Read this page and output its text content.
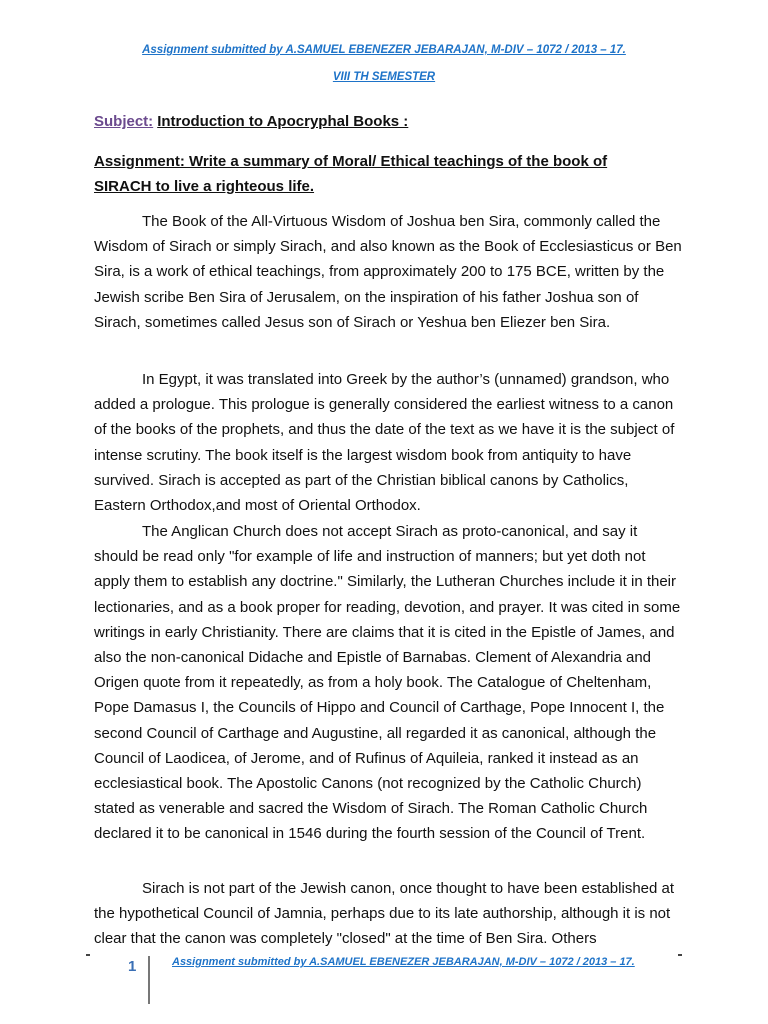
Assignment submitted by A.SAMUEL EBENEZER JEBARAJAN, M-DIV – 1072 / 2013 – 17.
VIII TH SEMESTER
Subject: Introduction to Apocryphal Books :
Assignment: Write a summary of Moral/ Ethical teachings of the book of SIRACH to live a righteous life.

The Book of the All-Virtuous Wisdom of Joshua ben Sira, commonly called the Wisdom of Sirach or simply Sirach, and also known as the Book of Ecclesiasticus or Ben Sira, is a work of ethical teachings, from approximately 200 to 175 BCE, written by the Jewish scribe Ben Sira of Jerusalem, on the inspiration of his father Joshua son of Sirach, sometimes called Jesus son of Sirach or Yeshua ben Eliezer ben Sira.

In Egypt, it was translated into Greek by the author’s (unnamed) grandson, who added a prologue. This prologue is generally considered the earliest witness to a canon of the books of the prophets, and thus the date of the text as we have it is the subject of intense scrutiny. The book itself is the largest wisdom book from antiquity to have survived. Sirach is accepted as part of the Christian biblical canons by Catholics, Eastern Orthodox,and most of Oriental Orthodox.

The Anglican Church does not accept Sirach as proto-canonical, and say it should be read only "for example of life and instruction of manners; but yet doth not apply them to establish any doctrine." Similarly, the Lutheran Churches include it in their lectionaries, and as a book proper for reading, devotion, and prayer. It was cited in some writings in early Christianity. There are claims that it is cited in the Epistle of James, and also the non-canonical Didache and Epistle of Barnabas. Clement of Alexandria and Origen quote from it repeatedly, as from a holy book. The Catalogue of Cheltenham, Pope Damasus I, the Councils of Hippo and Council of Carthage, Pope Innocent I, the second Council of Carthage and Augustine, all regarded it as canonical, although the Council of Laodicea, of Jerome, and of Rufinus of Aquileia, ranked it instead as an ecclesiastical book. The Apostolic Canons (not recognized by the Catholic Church) stated as venerable and sacred the Wisdom of Sirach. The Roman Catholic Church declared it to be canonical in 1546 during the fourth session of the Council of Trent.

Sirach is not part of the Jewish canon, once thought to have been established at the hypothetical Council of Jamnia, perhaps due to its late authorship, although it is not clear that the canon was completely "closed" at the time of Ben Sira. Others

1	Assignment submitted by A.SAMUEL EBENEZER JEBARAJAN, M-DIV – 1072 / 2013 – 17.
